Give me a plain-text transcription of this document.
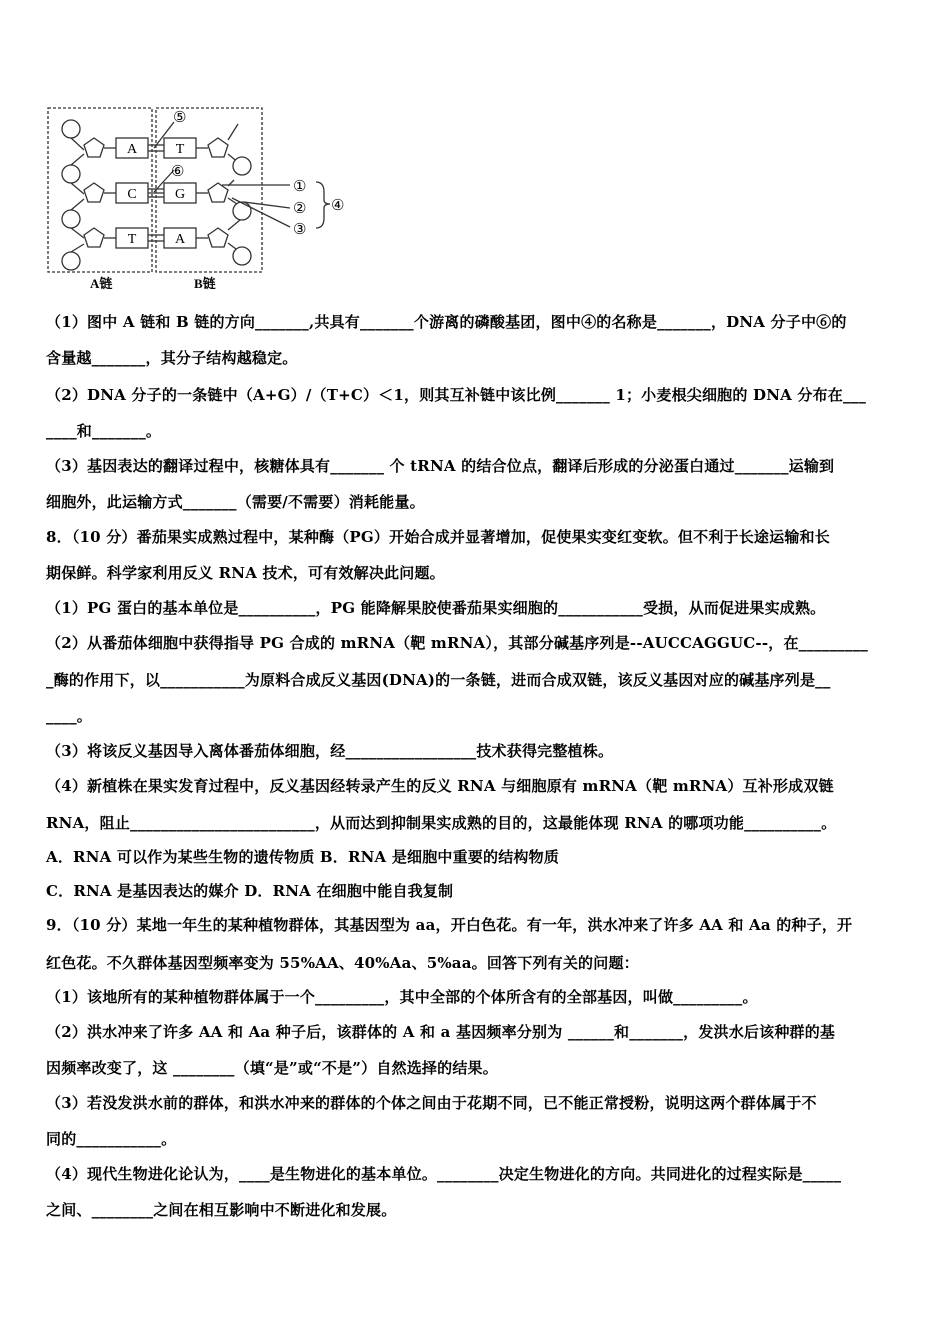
A
C
T
T
G
A
⑤
⑥
①
②
③
④
A链	B链
（1）图中 A 链和 B 链的方向_______,共具有_______个游离的磷酸基团，图中④的名称是_______，DNA 分子中⑥的
含量越_______，其分子结构越稳定。
（2）DNA 分子的一条链中（A+G）/（T+C）＜1，则其互补链中该比例_______ 1；小麦根尖细胞的 DNA 分布在___
____和_______。
（3）基因表达的翻译过程中，核糖体具有_______ 个 tRNA 的结合位点，翻译后形成的分泌蛋白通过_______运输到
细胞外，此运输方式_______（需要/不需要）消耗能量。
8．（10 分）番茄果实成熟过程中，某种酶（PG）开始合成并显著增加，促使果实变红变软。但不利于长途运输和长
期保鲜。科学家利用反义 RNA 技术，可有效解决此问题。
（1）PG 蛋白的基本单位是__________，PG 能降解果胶使番茄果实细胞的___________受损，从而促进果实成熟。
（2）从番茄体细胞中获得指导 PG 合成的 mRNA（靶 mRNA），其部分碱基序列是--AUCCAGGUC--，在_________
_酶的作用下，以___________为原料合成反义基因(DNA)的一条链，进而合成双链，该反义基因对应的碱基序列是__
____。
（3）将该反义基因导入离体番茄体细胞，经_________________技术获得完整植株。
（4）新植株在果实发育过程中，反义基因经转录产生的反义 RNA 与细胞原有 mRNA（靶 mRNA）互补形成双链
RNA，阻止________________________，从而达到抑制果实成熟的目的，这最能体现 RNA 的哪项功能__________。
A．RNA 可以作为某些生物的遗传物质 B．RNA 是细胞中重要的结构物质
C．RNA 是基因表达的媒介 D．RNA 在细胞中能自我复制
9．（10 分）某地一年生的某种植物群体，其基因型为 aa，开白色花。有一年，洪水冲来了许多 AA 和 Aa 的种子，开
红色花。不久群体基因型频率变为 55%AA、40%Aa、5%aa。回答下列有关的问题：
（1）该地所有的某种植物群体属于一个_________，其中全部的个体所含有的全部基因，叫做_________。
（2）洪水冲来了许多 AA 和 Aa 种子后，该群体的 A 和 a 基因频率分别为 ______和_______，发洪水后该种群的基
因频率改变了，这 ________（填“是”或“不是”）自然选择的结果。
（3）若没发洪水前的群体，和洪水冲来的群体的个体之间由于花期不同，已不能正常授粉，说明这两个群体属于不
同的___________。
（4）现代生物进化论认为，____是生物进化的基本单位。________决定生物进化的方向。共同进化的过程实际是_____
之间、________之间在相互影响中不断进化和发展。
